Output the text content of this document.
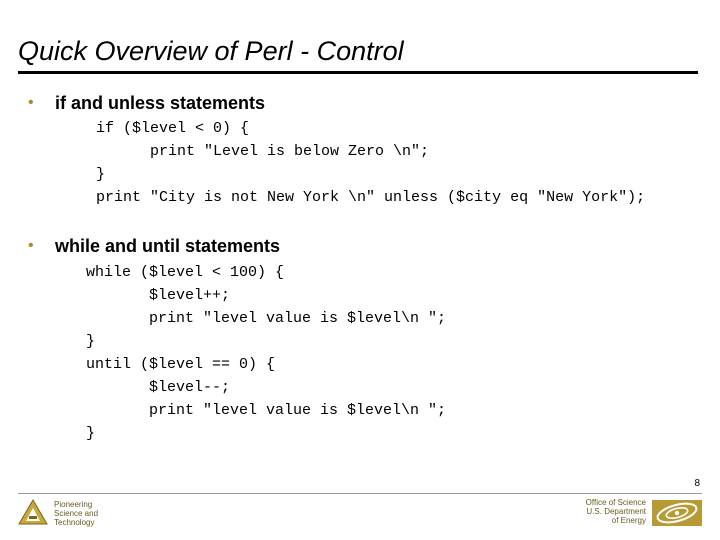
Quick Overview of Perl - Control
• if and unless statements
if ($level < 0) {
print "Level is below Zero \n";
}
print "City is not New York \n" unless ($city eq "New York");
• while and until statements
while ($level < 100) {
$level++;
print "level value is $level\n ";
}
until ($level == 0) {
$level--;
print "level value is $level\n ";
}
8
Pioneering
Science and
Technology
Office of Science
U.S. Department
of Energy
